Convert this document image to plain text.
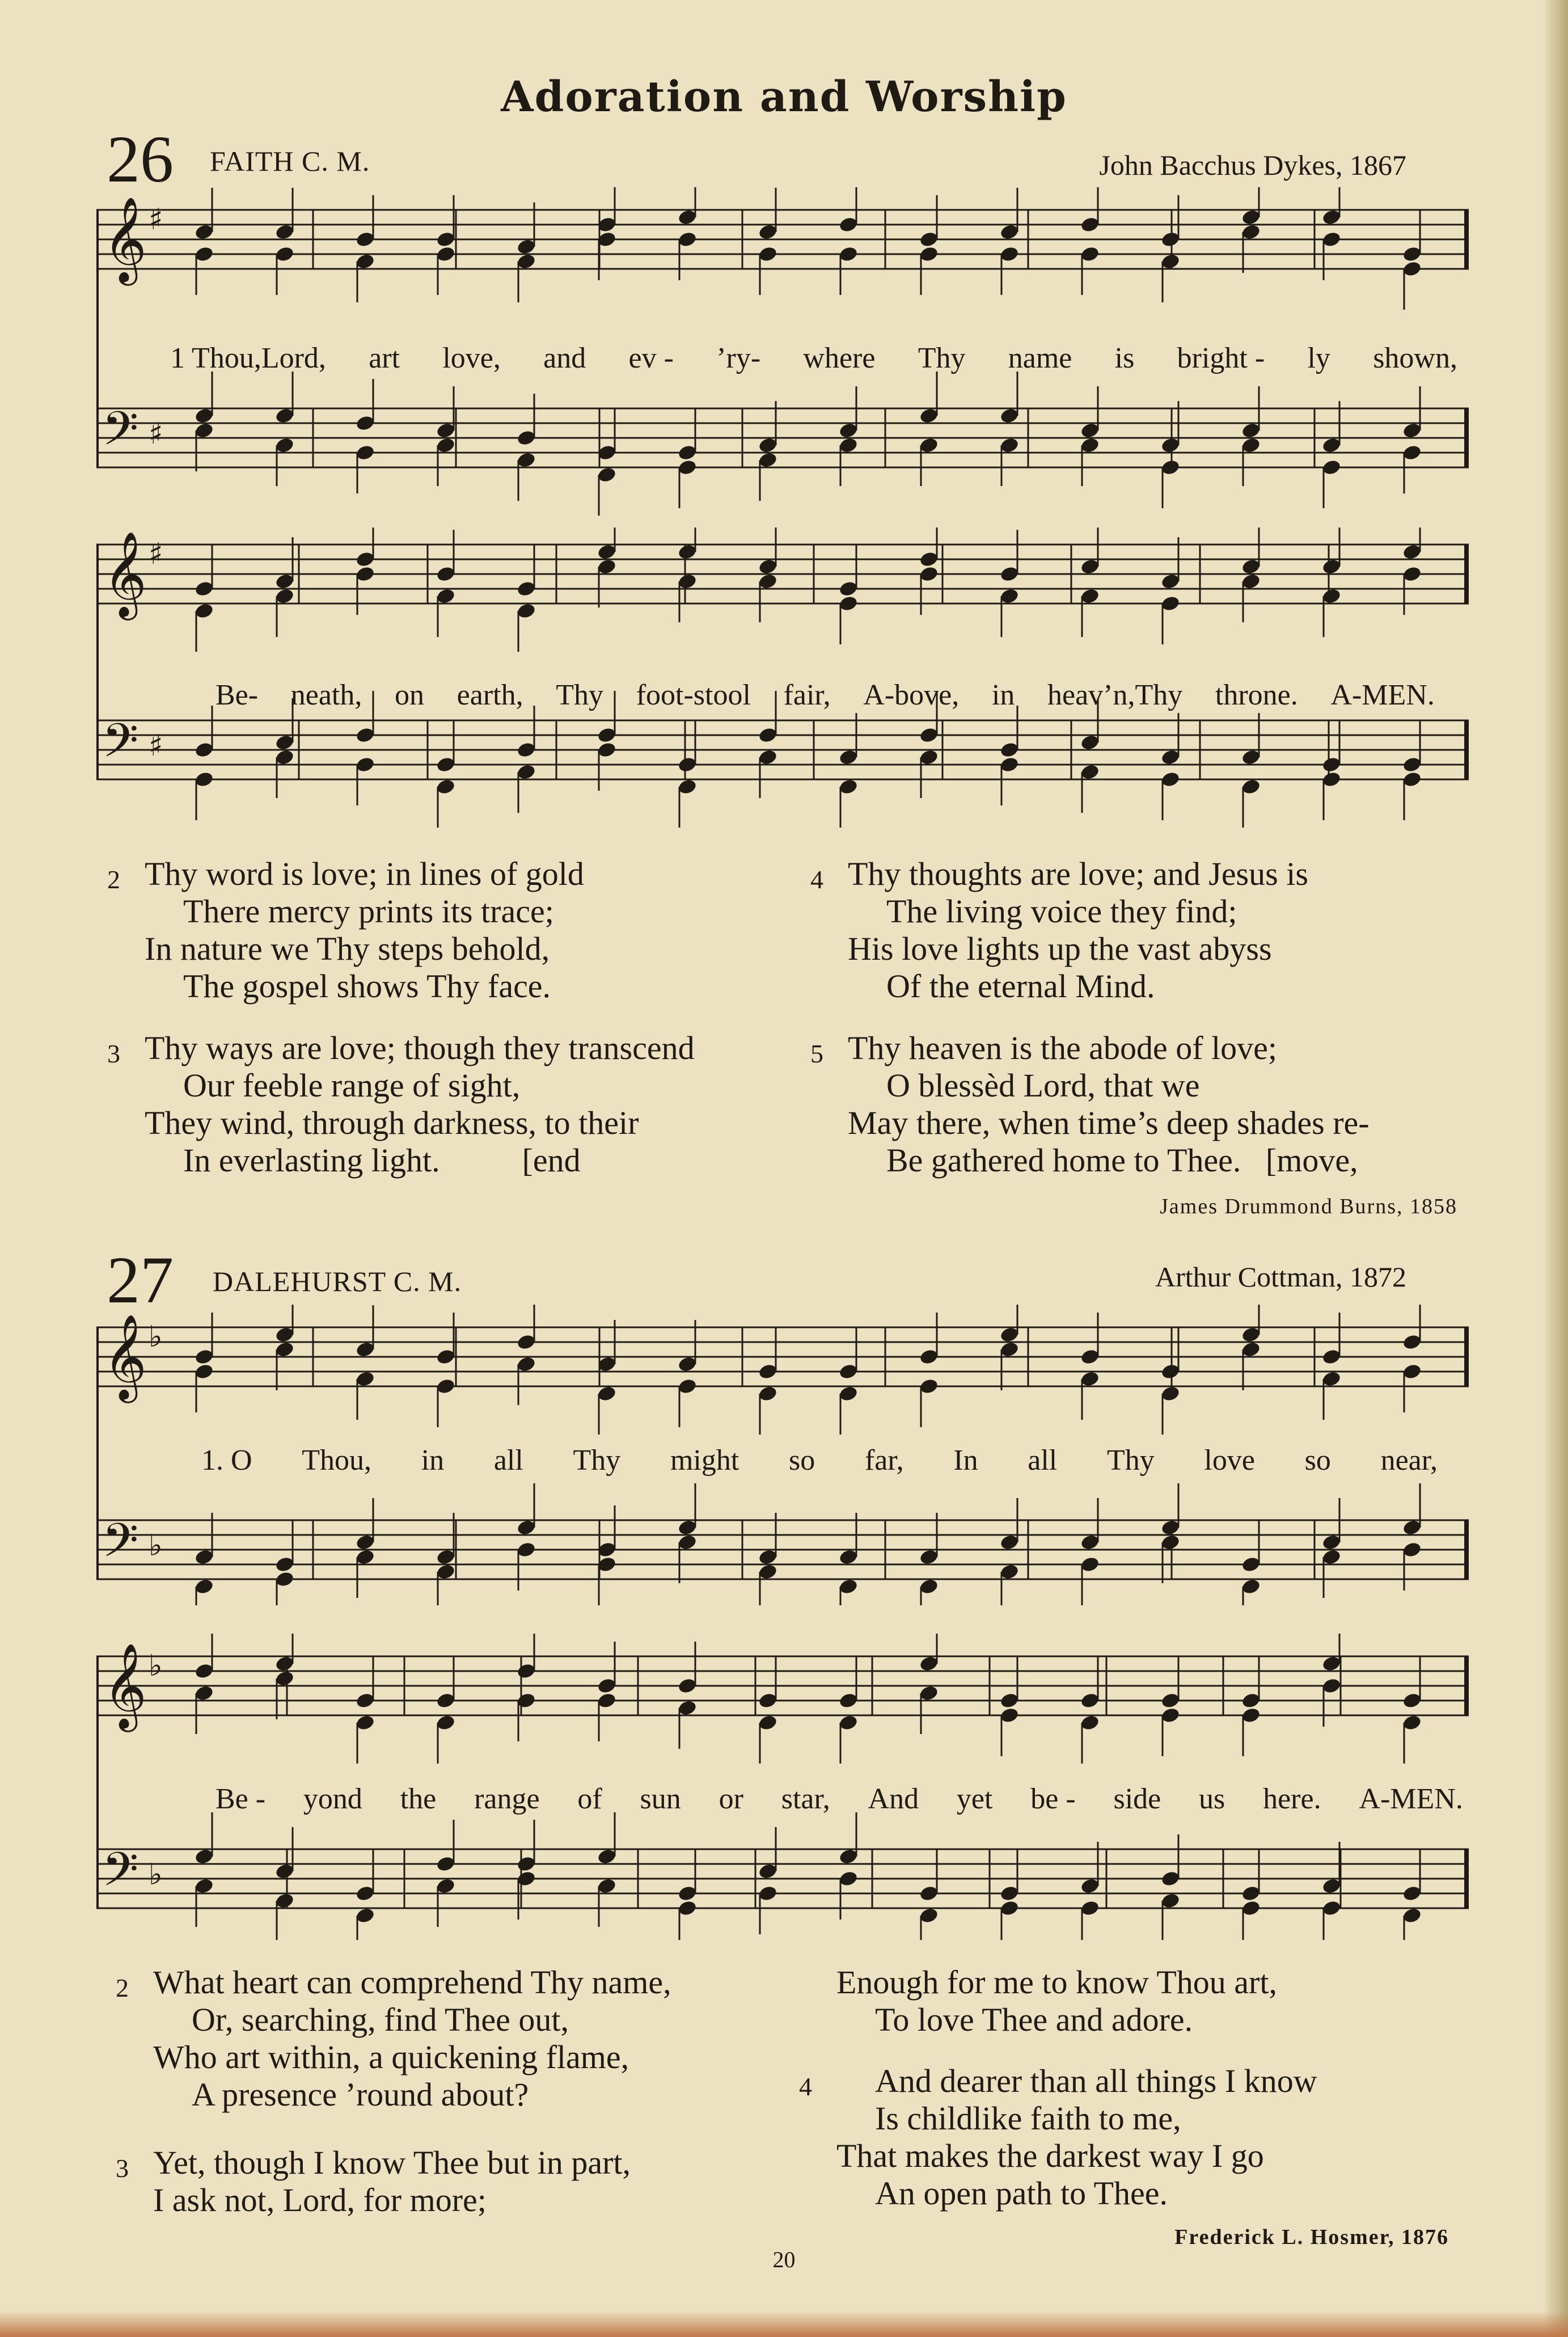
Adoration and Worship
26 FAITH C. M.	John Bacchus Dykes, 1867
𝄞
𝄢
♯
♯
𝄞
𝄢
♯
♯
1 Thou,Lord, art love, and ev - ’ry- where Thy name is bright - ly shown,
Be- neath, on earth, Thy foot-stool fair, A-bove, in heav’n,Thy throne. A-MEN.
2 Thy word is love; in lines of gold
There mercy prints its trace;
In nature we Thy steps behold,
The gospel shows Thy face.
3 Thy ways are love; though they transcend
Our feeble range of sight,
They wind, through darkness, to their
In everlasting light.          [end
4 Thy thoughts are love; and Jesus is
The living voice they find;
His love lights up the vast abyss
Of the eternal Mind.
5 Thy heaven is the abode of love;
O blessèd Lord, that we
May there, when time’s deep shades re-
Be gathered home to Thee.   [move,
James Drummond Burns, 1858
27 DALEHURST C. M.	Arthur Cottman, 1872
𝄞
𝄢
♭
♭
𝄞
𝄢
♭
♭
1. O Thou, in all Thy might so far, In all Thy love so near,
Be - yond the range of sun or star, And yet be - side us here. A-MEN.
2 What heart can comprehend Thy name,
Or, searching, find Thee out,
Who art within, a quickening flame,
A presence ’round about?
3 Yet, though I know Thee but in part,
I ask not, Lord, for more;
Enough for me to know Thou art,
To love Thee and adore.
4	And dearer than all things I know
Is childlike faith to me,
That makes the darkest way I go
An open path to Thee.
Frederick L. Hosmer, 1876
20
